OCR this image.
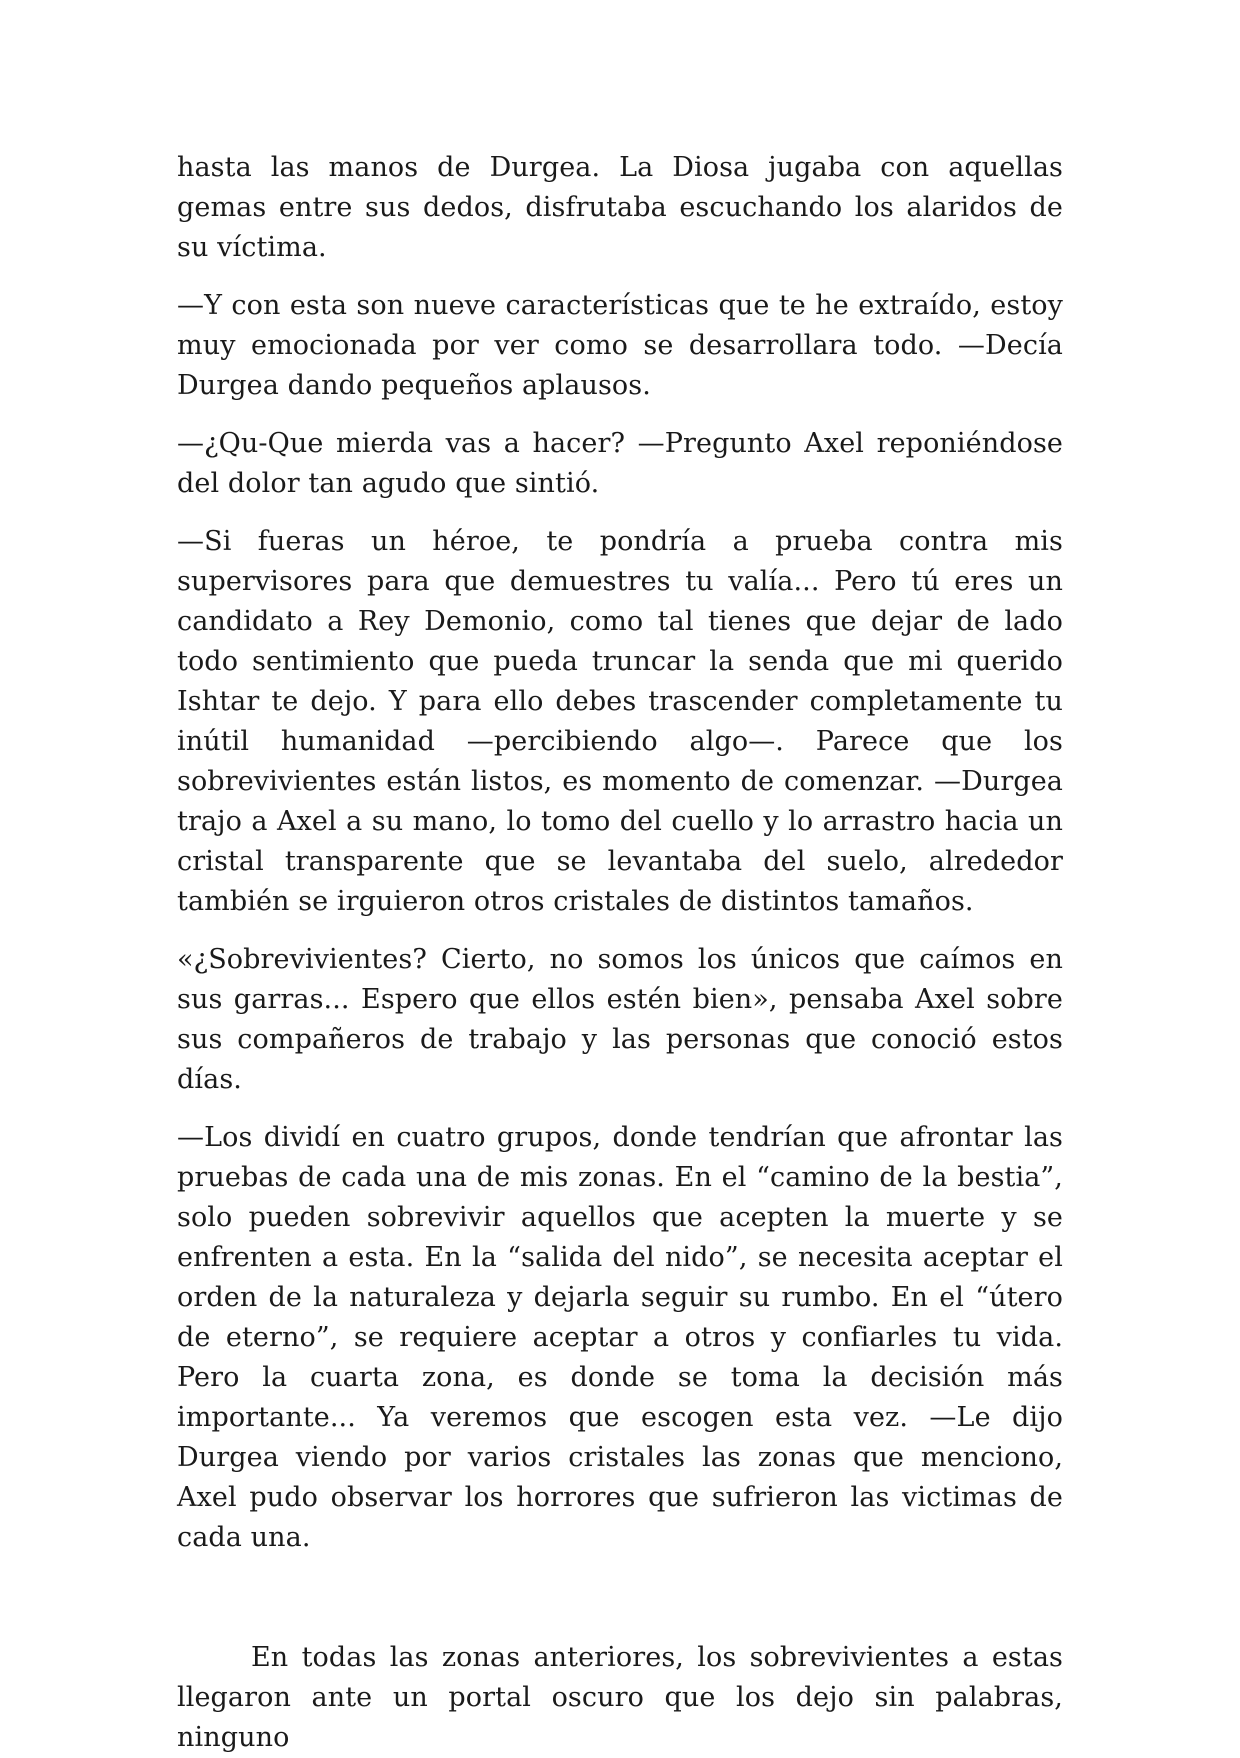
hasta las manos de Durgea. La Diosa jugaba con aquellas gemas entre sus dedos, disfrutaba escuchando los alaridos de su víctima.

—Y con esta son nueve características que te he extraído, estoy muy emocionada por ver como se desarrollara todo. —Decía Durgea dando pequeños aplausos.

—¿Qu-Que mierda vas a hacer? —Pregunto Axel reponiéndose del dolor tan agudo que sintió.

—Si fueras un héroe, te pondría a prueba contra mis supervisores para que demuestres tu valía... Pero tú eres un candidato a Rey Demonio, como tal tienes que dejar de lado todo sentimiento que pueda truncar la senda que mi querido Ishtar te dejo. Y para ello debes trascender completamente tu inútil humanidad —percibiendo algo—. Parece que los sobrevivientes están listos, es momento de comenzar. —Durgea trajo a Axel a su mano, lo tomo del cuello y lo arrastro hacia un cristal transparente que se levantaba del suelo, alrededor también se irguieron otros cristales de distintos tamaños.

«¿Sobrevivientes? Cierto, no somos los únicos que caímos en sus garras... Espero que ellos estén bien», pensaba Axel sobre sus compañeros de trabajo y las personas que conoció estos días.

—Los dividí en cuatro grupos, donde tendrían que afrontar las pruebas de cada una de mis zonas. En el “camino de la bestia”, solo pueden sobrevivir aquellos que acepten la muerte y se enfrenten a esta. En la “salida del nido”, se necesita aceptar el orden de la naturaleza y dejarla seguir su rumbo. En el “útero de eterno”, se requiere aceptar a otros y confiarles tu vida. Pero la cuarta zona, es donde se toma la decisión más importante... Ya veremos que escogen esta vez. —Le dijo Durgea viendo por varios cristales las zonas que menciono, Axel pudo observar los horrores que sufrieron las victimas de cada una.

En todas las zonas anteriores, los sobrevivientes a estas llegaron ante un portal oscuro que los dejo sin palabras, ninguno
